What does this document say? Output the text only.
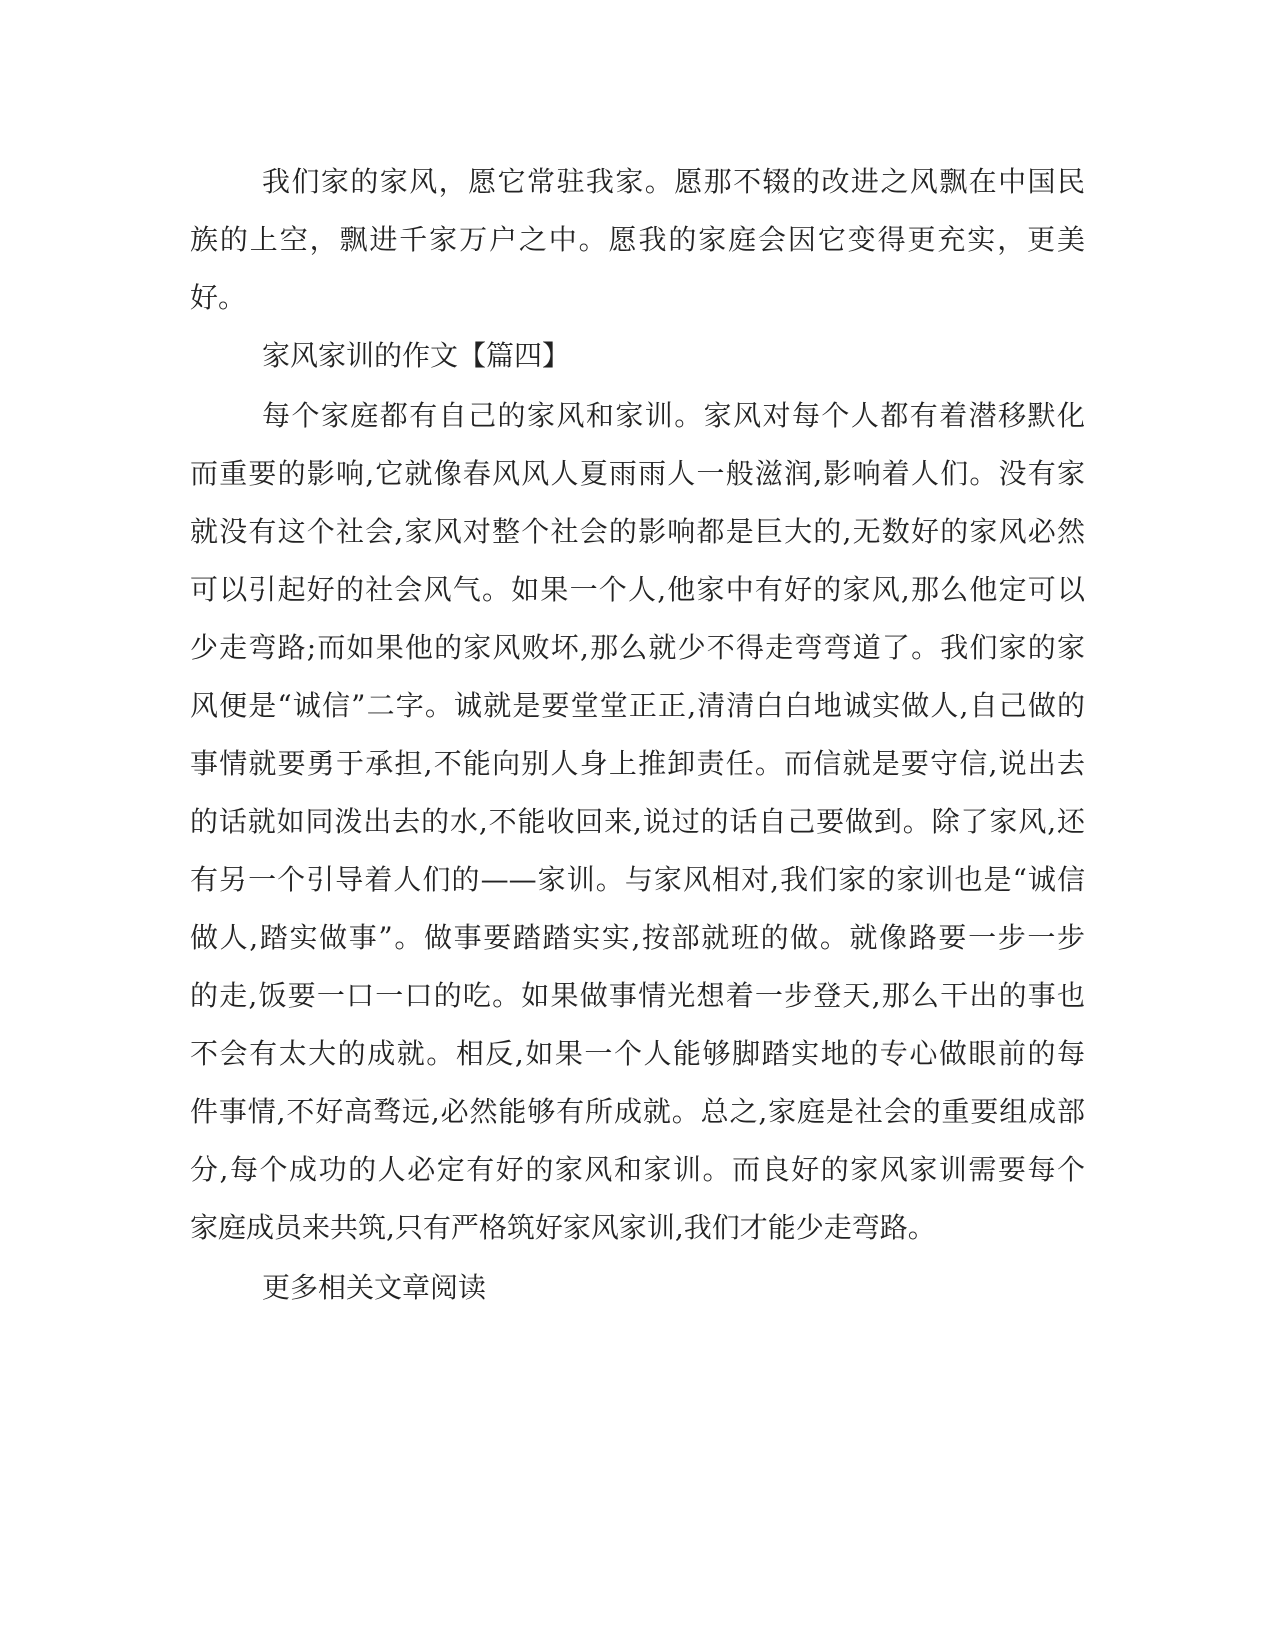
我们家的家风，愿它常驻我家。愿那不辍的改进之风飘在中国民
族的上空，飘进千家万户之中。愿我的家庭会因它变得更充实，更美
好。
家风家训的作文【篇四】
每个家庭都有自己的家风和家训。家风对每个人都有着潜移默化
而重要的影响,它就像春风风人夏雨雨人一般滋润,影响着人们。没有家
就没有这个社会,家风对整个社会的影响都是巨大的,无数好的家风必然
可以引起好的社会风气。如果一个人,他家中有好的家风,那么他定可以
少走弯路;而如果他的家风败坏,那么就少不得走弯弯道了。我们家的家
风便是“诚信”二字。诚就是要堂堂正正,清清白白地诚实做人,自己做的
事情就要勇于承担,不能向别人身上推卸责任。而信就是要守信,说出去
的话就如同泼出去的水,不能收回来,说过的话自己要做到。除了家风,还
有另一个引导着人们的——家训。与家风相对,我们家的家训也是“诚信
做人,踏实做事”。做事要踏踏实实,按部就班的做。就像路要一步一步
的走,饭要一口一口的吃。如果做事情光想着一步登天,那么干出的事也
不会有太大的成就。相反,如果一个人能够脚踏实地的专心做眼前的每
件事情,不好高骛远,必然能够有所成就。总之,家庭是社会的重要组成部
分,每个成功的人必定有好的家风和家训。而良好的家风家训需要每个
家庭成员来共筑,只有严格筑好家风家训,我们才能少走弯路。
更多相关文章阅读
